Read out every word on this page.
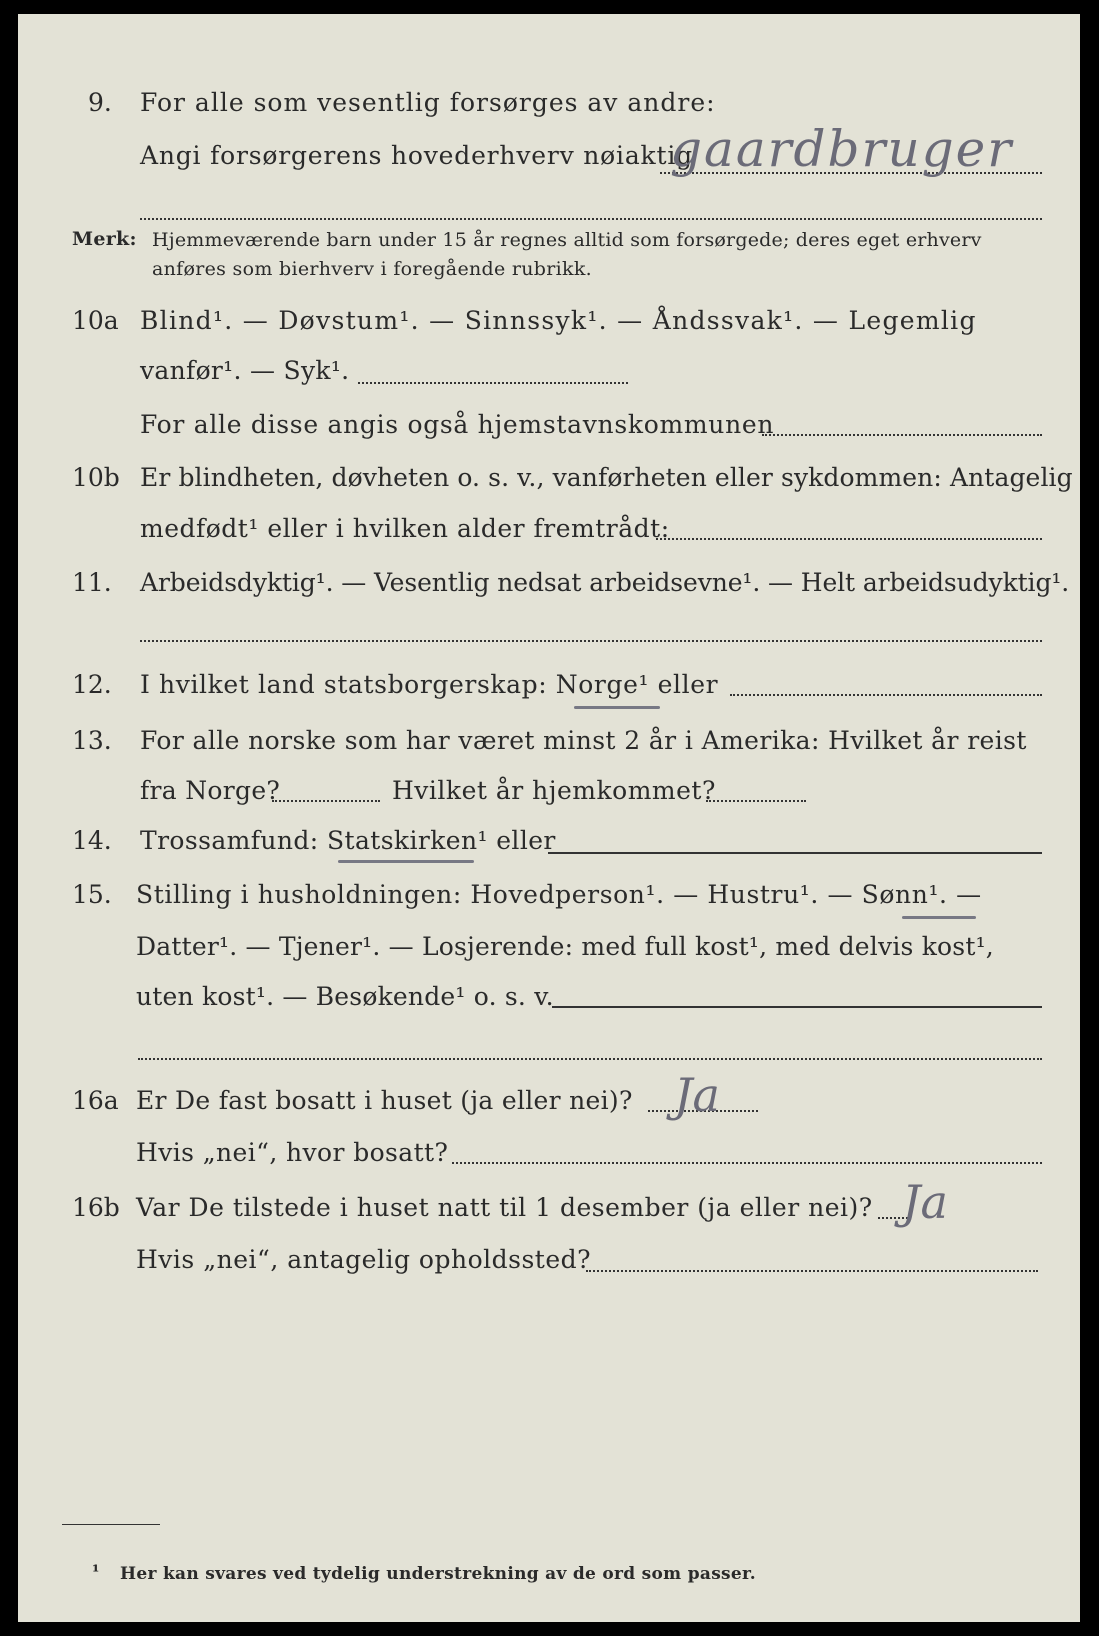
9. For alle som vesentlig forsørges av andre:
Angi forsørgerens hovederhverv nøiaktig
gaardbruger
Merk: Hjemmeværende barn under 15 år regnes alltid som forsørgede; deres eget erhverv
anføres som bierhverv i foregående rubrikk.
10a Blind¹. — Døvstum¹. — Sinnssyk¹. — Åndssvak¹. — Legemlig
vanfør¹. — Syk¹.
For alle disse angis også hjemstavnskommunen
10b Er blindheten, døvheten o. s. v., vanførheten eller sykdommen: Antagelig
medfødt¹ eller i hvilken alder fremtrådt:
11. Arbeidsdyktig¹. — Vesentlig nedsat arbeidsevne¹. — Helt arbeidsudyktig¹.
12. I hvilket land statsborgerskap: Norge¹ eller
13. For alle norske som har været minst 2 år i Amerika: Hvilket år reist
fra Norge?	Hvilket år hjemkommet?
14. Trossamfund: Statskirken¹ eller
15. Stilling i husholdningen: Hovedperson¹. — Hustru¹. — Sønn¹. —
Datter¹. — Tjener¹. — Losjerende: med full kost¹, med delvis kost¹,
uten kost¹. — Besøkende¹ o. s. v.
16a Er De fast bosatt i huset (ja eller nei)? Ja
Hvis „nei“, hvor bosatt?
16b Var De tilstede i huset natt til 1 desember (ja eller nei)? Ja
Hvis „nei“, antagelig opholdssted?
¹ Her kan svares ved tydelig understrekning av de ord som passer.
